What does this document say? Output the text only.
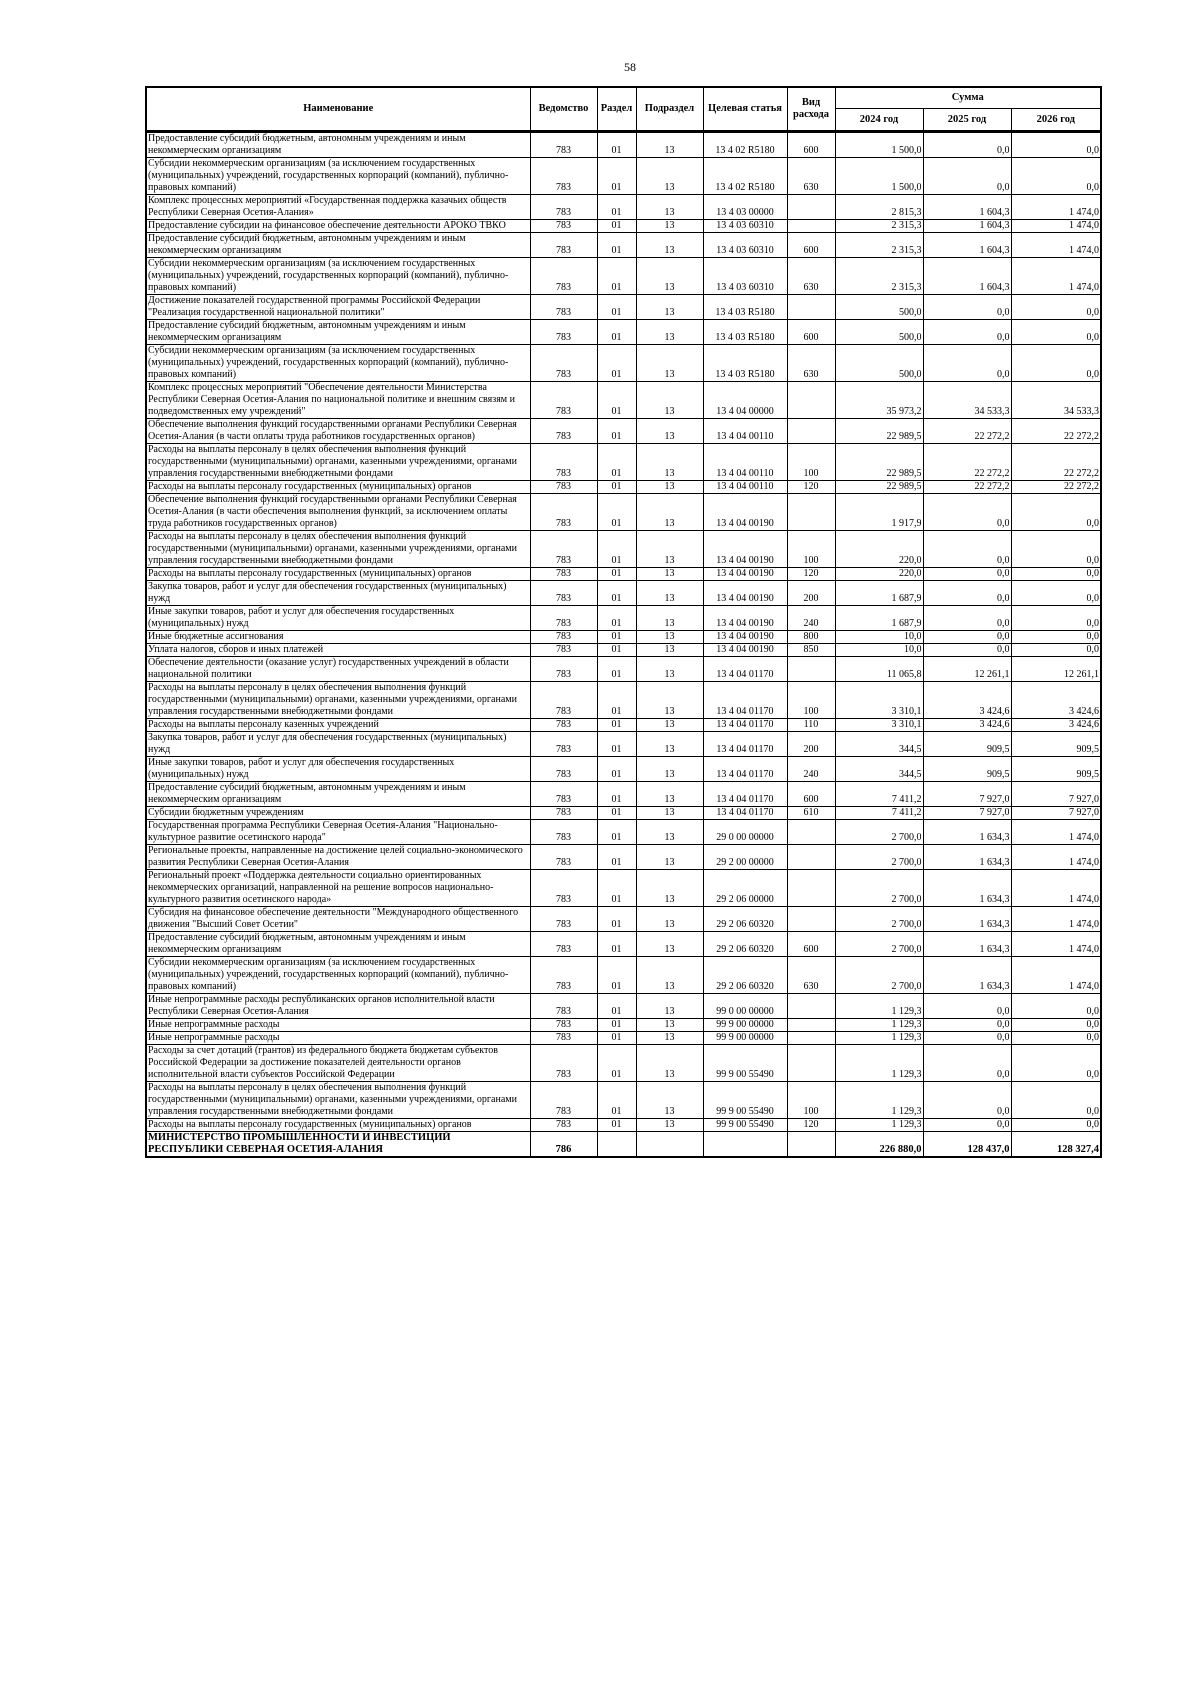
58
Наименование	Ведомство	Раздел	Подраздел	Целевая статья	Вид расхода	Сумма		
						2024 год	2025 год	2026 год
Предоставление субсидий бюджетным, автономным учреждениям и иным некоммерческим организациям	783	01	13	13 4 02 R5180	600	1 500,0	0,0	0,0
Субсидии некоммерческим организациям (за исключением государственных (муниципальных) учреждений, государственных корпораций (компаний), публично-правовых компаний)	783	01	13	13 4 02 R5180	630	1 500,0	0,0	0,0
Комплекс процессных мероприятий «Государственная поддержка казачьих обществ Республики Северная Осетия-Алания»	783	01	13	13 4 03 00000		2 815,3	1 604,3	1 474,0
Предоставление субсидии на финансовое обеспечение деятельности АРОКО ТВКО	783	01	13	13 4 03 60310		2 315,3	1 604,3	1 474,0
Предоставление субсидий бюджетным, автономным учреждениям и иным некоммерческим организациям	783	01	13	13 4 03 60310	600	2 315,3	1 604,3	1 474,0
Субсидии некоммерческим организациям (за исключением государственных (муниципальных) учреждений, государственных корпораций (компаний), публично-правовых компаний)	783	01	13	13 4 03 60310	630	2 315,3	1 604,3	1 474,0
Достижение показателей государственной программы Российской Федерации "Реализация государственной национальной политики"	783	01	13	13 4 03 R5180		500,0	0,0	0,0
Предоставление субсидий бюджетным, автономным учреждениям и иным некоммерческим организациям	783	01	13	13 4 03 R5180	600	500,0	0,0	0,0
Субсидии некоммерческим организациям (за исключением государственных (муниципальных) учреждений, государственных корпораций (компаний), публично-правовых компаний)	783	01	13	13 4 03 R5180	630	500,0	0,0	0,0
Комплекс процессных мероприятий "Обеспечение деятельности Министерства Республики Северная Осетия-Алания по национальной политике и внешним связям и подведомственных ему учреждений"	783	01	13	13 4 04 00000		35 973,2	34 533,3	34 533,3
Обеспечение выполнения функций государственными органами Республики Северная Осетия-Алания (в части оплаты труда работников государственных органов)	783	01	13	13 4 04 00110		22 989,5	22 272,2	22 272,2
Расходы на выплаты персоналу в целях обеспечения выполнения функций государственными (муниципальными) органами, казенными учреждениями, органами управления государственными внебюджетными фондами	783	01	13	13 4 04 00110	100	22 989,5	22 272,2	22 272,2
Расходы на выплаты персоналу государственных (муниципальных) органов	783	01	13	13 4 04 00110	120	22 989,5	22 272,2	22 272,2
Обеспечение выполнения функций государственными органами Республики Северная Осетия-Алания (в части обеспечения выполнения функций, за исключением оплаты труда работников государственных органов)	783	01	13	13 4 04 00190		1 917,9	0,0	0,0
Расходы на выплаты персоналу в целях обеспечения выполнения функций государственными (муниципальными) органами, казенными учреждениями, органами управления государственными внебюджетными фондами	783	01	13	13 4 04 00190	100	220,0	0,0	0,0
Расходы на выплаты персоналу государственных (муниципальных) органов	783	01	13	13 4 04 00190	120	220,0	0,0	0,0
Закупка товаров, работ и услуг для обеспечения государственных (муниципальных) нужд	783	01	13	13 4 04 00190	200	1 687,9	0,0	0,0
Иные закупки товаров, работ и услуг для обеспечения государственных (муниципальных) нужд	783	01	13	13 4 04 00190	240	1 687,9	0,0	0,0
Иные бюджетные ассигнования	783	01	13	13 4 04 00190	800	10,0	0,0	0,0
Уплата налогов, сборов и иных платежей	783	01	13	13 4 04 00190	850	10,0	0,0	0,0
Обеспечение деятельности (оказание услуг) государственных учреждений в области национальной политики	783	01	13	13 4 04 01170		11 065,8	12 261,1	12 261,1
Расходы на выплаты персоналу в целях обеспечения выполнения функций государственными (муниципальными) органами, казенными учреждениями, органами управления государственными внебюджетными фондами	783	01	13	13 4 04 01170	100	3 310,1	3 424,6	3 424,6
Расходы на выплаты персоналу казенных учреждений	783	01	13	13 4 04 01170	110	3 310,1	3 424,6	3 424,6
Закупка товаров, работ и услуг для обеспечения государственных (муниципальных) нужд	783	01	13	13 4 04 01170	200	344,5	909,5	909,5
Иные закупки товаров, работ и услуг для обеспечения государственных (муниципальных) нужд	783	01	13	13 4 04 01170	240	344,5	909,5	909,5
Предоставление субсидий бюджетным, автономным учреждениям и иным некоммерческим организациям	783	01	13	13 4 04 01170	600	7 411,2	7 927,0	7 927,0
Субсидии бюджетным учреждениям	783	01	13	13 4 04 01170	610	7 411,2	7 927,0	7 927,0
Государственная программа Республики Северная Осетия-Алания "Национально-культурное развитие осетинского народа"	783	01	13	29 0 00 00000		2 700,0	1 634,3	1 474,0
Региональные проекты, направленные на достижение целей социально-экономического развития Республики Северная Осетия-Алания	783	01	13	29 2 00 00000		2 700,0	1 634,3	1 474,0
Региональный проект «Поддержка деятельности социально ориентированных некоммерческих организаций, направленной на решение вопросов национально-культурного развития осетинского народа»	783	01	13	29 2 06 00000		2 700,0	1 634,3	1 474,0
Субсидия на финансовое обеспечение деятельности "Международного общественного движения "Высший Совет Осетии"	783	01	13	29 2 06 60320		2 700,0	1 634,3	1 474,0
Предоставление субсидий бюджетным, автономным учреждениям и иным некоммерческим организациям	783	01	13	29 2 06 60320	600	2 700,0	1 634,3	1 474,0
Субсидии некоммерческим организациям (за исключением государственных (муниципальных) учреждений, государственных корпораций (компаний), публично-правовых компаний)	783	01	13	29 2 06 60320	630	2 700,0	1 634,3	1 474,0
Иные непрограммные расходы республиканских органов исполнительной власти Республики Северная Осетия-Алания	783	01	13	99 0 00 00000		1 129,3	0,0	0,0
Иные непрограммные расходы	783	01	13	99 9 00 00000		1 129,3	0,0	0,0
Иные непрограммные расходы	783	01	13	99 9 00 00000		1 129,3	0,0	0,0
Расходы за счет дотаций (грантов) из федерального бюджета бюджетам субъектов Российской Федерации за достижение показателей деятельности органов исполнительной власти субъектов Российской Федерации	783	01	13	99 9 00 55490		1 129,3	0,0	0,0
Расходы на выплаты персоналу в целях обеспечения выполнения функций государственными (муниципальными) органами, казенными учреждениями, органами управления государственными внебюджетными фондами	783	01	13	99 9 00 55490	100	1 129,3	0,0	0,0
Расходы на выплаты персоналу государственных (муниципальных) органов	783	01	13	99 9 00 55490	120	1 129,3	0,0	0,0
МИНИСТЕРСТВО ПРОМЫШЛЕННОСТИ И ИНВЕСТИЦИЙ РЕСПУБЛИКИ СЕВЕРНАЯ ОСЕТИЯ-АЛАНИЯ	786					226 880,0	128 437,0	128 327,4
